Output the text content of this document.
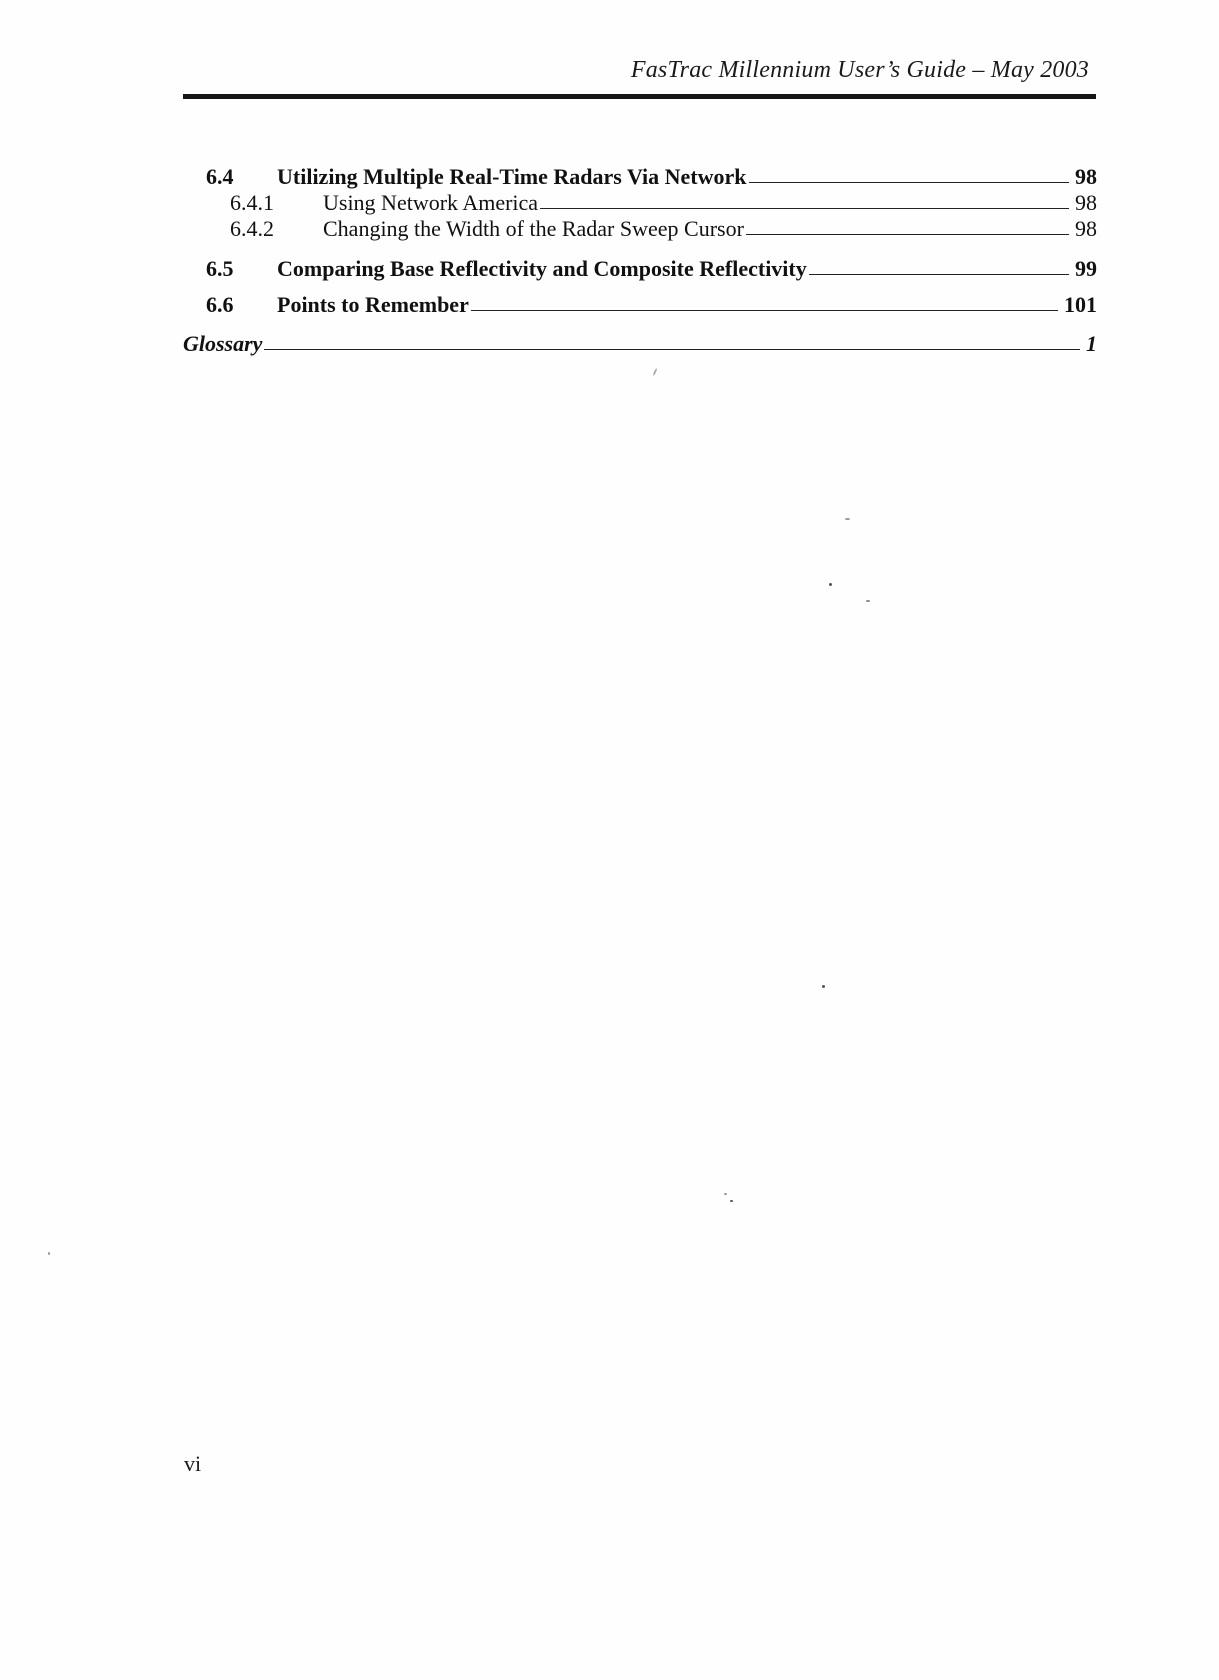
FasTrac Millennium User’s Guide – May 2003
6.4	Utilizing Multiple Real-Time Radars Via Network	98
6.4.1	Using Network America	98
6.4.2	Changing the Width of the Radar Sweep Cursor	98
6.5	Comparing Base Reflectivity and Composite Reflectivity	99
6.6	Points to Remember	101
Glossary	1
vi
